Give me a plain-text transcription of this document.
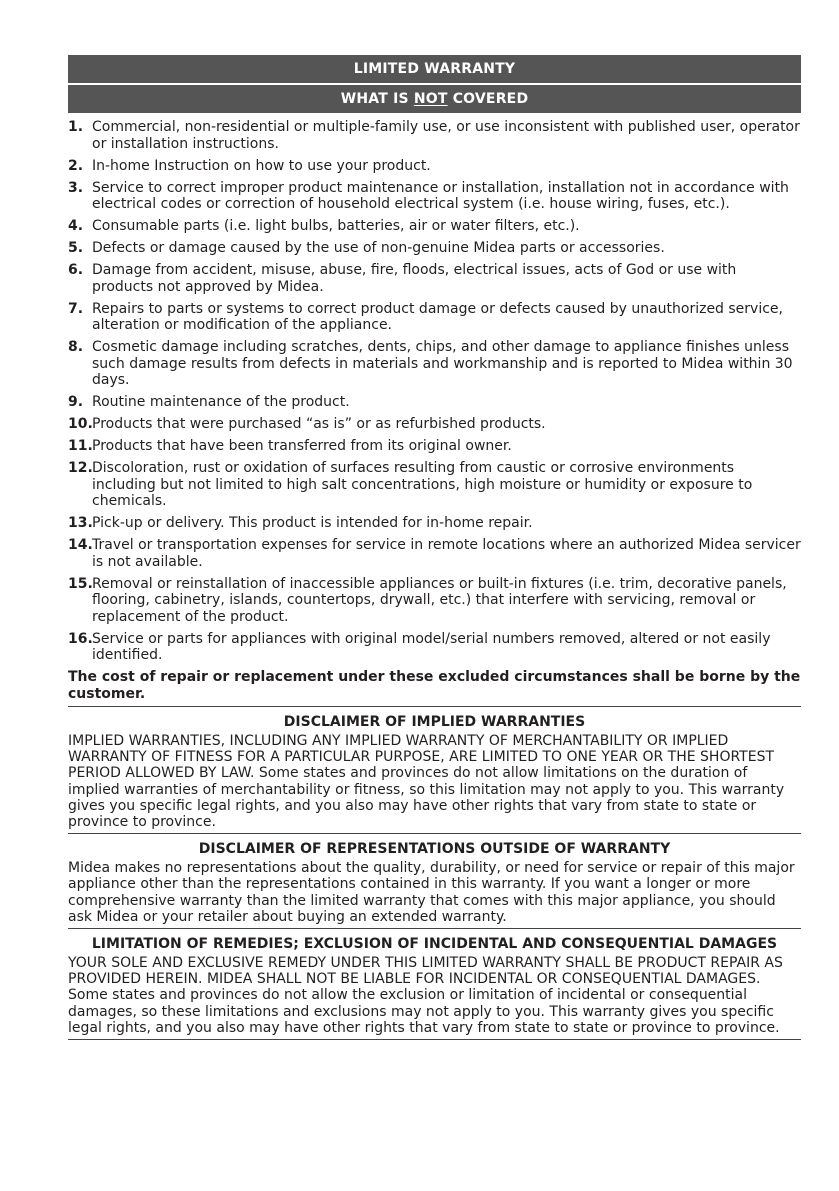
LIMITED WARRANTY
WHAT IS NOT COVERED
1. Commercial, non-residential or multiple-family use, or use inconsistent with published user, operator or installation instructions.
2. In-home Instruction on how to use your product.
3. Service to correct improper product maintenance or installation, installation not in accordance with electrical codes or correction of household electrical system (i.e. house wiring, fuses, etc.).
4. Consumable parts (i.e. light bulbs, batteries, air or water filters, etc.).
5. Defects or damage caused by the use of non-genuine Midea parts or accessories.
6. Damage from accident, misuse, abuse, fire, floods, electrical issues, acts of God or use with products not approved by Midea.
7. Repairs to parts or systems to correct product damage or defects caused by unauthorized service, alteration or modification of the appliance.
8. Cosmetic damage including scratches, dents, chips, and other damage to appliance finishes unless such damage results from defects in materials and workmanship and is reported to Midea within 30 days.
9. Routine maintenance of the product.
10. Products that were purchased “as is” or as refurbished products.
11. Products that have been transferred from its original owner.
12. Discoloration, rust or oxidation of surfaces resulting from caustic or corrosive environments including but not limited to high salt concentrations, high moisture or humidity or exposure to chemicals.
13. Pick-up or delivery. This product is intended for in-home repair.
14. Travel or transportation expenses for service in remote locations where an authorized Midea servicer is not available.
15. Removal or reinstallation of inaccessible appliances or built-in fixtures (i.e. trim, decorative panels, flooring, cabinetry, islands, countertops, drywall, etc.) that interfere with servicing, removal or replacement of the product.
16. Service or parts for appliances with original model/serial numbers removed, altered or not easily identified.
The cost of repair or replacement under these excluded circumstances shall be borne by the customer.
DISCLAIMER OF IMPLIED WARRANTIES
IMPLIED WARRANTIES, INCLUDING ANY IMPLIED WARRANTY OF MERCHANTABILITY OR IMPLIED WARRANTY OF FITNESS FOR A PARTICULAR PURPOSE, ARE LIMITED TO ONE YEAR OR THE SHORTEST PERIOD ALLOWED BY LAW. Some states and provinces do not allow limitations on the duration of implied warranties of merchantability or fitness, so this limitation may not apply to you. This warranty gives you specific legal rights, and you also may have other rights that vary from state to state or province to province.
DISCLAIMER OF REPRESENTATIONS OUTSIDE OF WARRANTY
Midea makes no representations about the quality, durability, or need for service or repair of this major appliance other than the representations contained in this warranty. If you want a longer or more comprehensive warranty than the limited warranty that comes with this major appliance, you should ask Midea or your retailer about buying an extended warranty.
LIMITATION OF REMEDIES; EXCLUSION OF INCIDENTAL AND CONSEQUENTIAL DAMAGES
YOUR SOLE AND EXCLUSIVE REMEDY UNDER THIS LIMITED WARRANTY SHALL BE PRODUCT REPAIR AS PROVIDED HEREIN. MIDEA SHALL NOT BE LIABLE FOR INCIDENTAL OR CONSEQUENTIAL DAMAGES. Some states and provinces do not allow the exclusion or limitation of incidental or consequential damages, so these limitations and exclusions may not apply to you. This warranty gives you specific legal rights, and you also may have other rights that vary from state to state or province to province.
